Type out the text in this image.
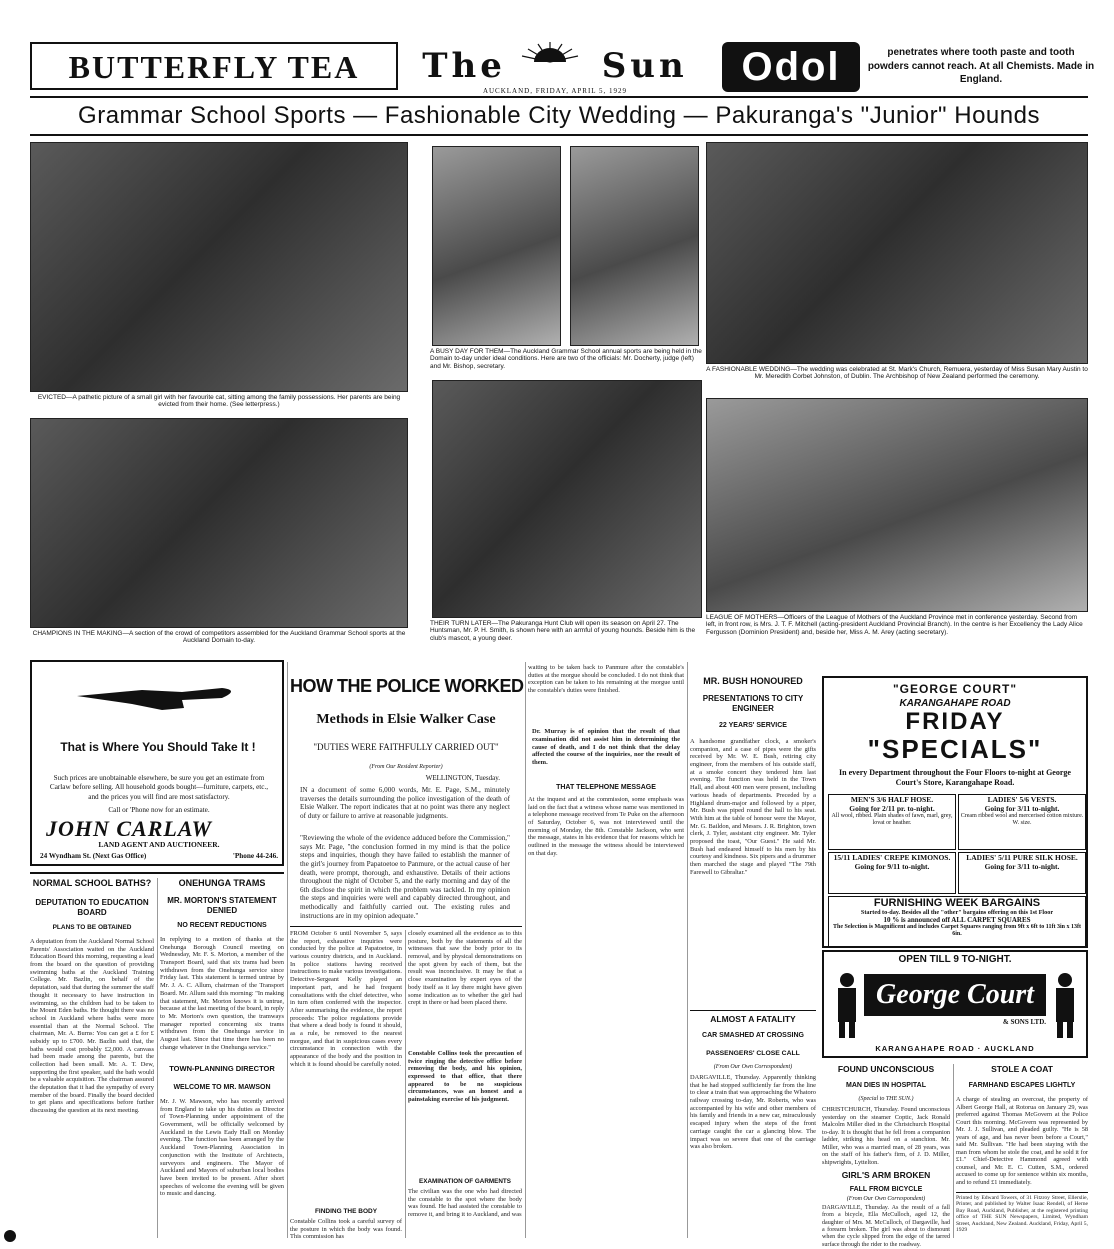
BUTTERFLY TEA	The Sun
AUCKLAND, FRIDAY, APRIL 5, 1929
Odol	penetrates where tooth paste and tooth powders cannot reach. At all Chemists. Made in England.
Grammar School Sports — Fashionable City Wedding — Pakuranga's "Junior" Hounds
EVICTED—A pathetic picture of a small girl with her favourite cat, sitting among the family possessions. Her parents are being evicted from their home. (See letterpress.)
A BUSY DAY FOR THEM—The Auckland Grammar School annual sports are being held in the Domain to-day under ideal conditions. Here are two of the officials: Mr. Docherty, judge (left) and Mr. Bishop, secretary.	A FASHIONABLE WEDDING—The wedding was celebrated at St. Mark's Church, Remuera, yesterday of Miss Susan Mary Austin to Mr. Meredith Corbet Johnston, of Dublin. The Archbishop of New Zealand performed the ceremony.
CHAMPIONS IN THE MAKING—A section of the crowd of competitors assembled for the Auckland Grammar School sports at the Auckland Domain to-day.
THEIR TURN LATER—The Pakuranga Hunt Club will open its season on April 27. The Huntsman, Mr. P. H. Smith, is shown here with an armful of young hounds. Beside him is the club's mascot, a young deer.
LEAGUE OF MOTHERS—Officers of the League of Mothers of the Auckland Province met in conference yesterday. Second from left, in front row, is Mrs. J. T. F. Mitchell (acting-president Auckland Provincial Branch). In the centre is her Excellency the Lady Alice Fergusson (Dominion President) and, beside her, Miss A. M. Arey (acting secretary).
That is Where You Should Take It !
Such prices are unobtainable elsewhere, be sure you get an estimate from Carlaw before selling. All household goods bought—furniture, carpets, etc., and the prices you will find are most satisfactory.
Call or 'Phone now for an estimate.
JOHN CARLAW
LAND AGENT AND AUCTIONEER.
24 Wyndham St. (Next Gas Office)	'Phone 44-246.
NORMAL SCHOOL BATHS?
DEPUTATION TO EDUCATION BOARD
PLANS TO BE OBTAINED
A deputation from the Auckland Normal School Parents' Association waited on the Auckland Education Board this morning, requesting a lead from the board on the question of providing swimming baths at the Auckland Training College. Mr. Bazlin, on behalf of the deputation, said that during the summer the staff thought it necessary to have instruction in swimming, so the children had to be taken to the Mount Eden baths. He thought there was no school in Auckland where baths were more essential than at the Normal School. The chairman, Mr. A. Burns: You can get a £ for £ subsidy up to £700. Mr. Bazlin said that, the baths would cost probably £2,000. A canvass had been made among the parents, but the collection had been small. Mr. A. T. Dew, supporting the first speaker, said the bath would be a valuable acquisition. The chairman assured the deputation that it had the sympathy of every member of the board. Finally the board decided to get plans and specifications before further discussing the question at its next meeting.
ONEHUNGA TRAMS
MR. MORTON'S STATEMENT DENIED
NO RECENT REDUCTIONS
In replying to a motion of thanks at the Onehunga Borough Council meeting on Wednesday, Mr. F. S. Morton, a member of the Transport Board, said that six trams had been withdrawn from the Onehunga service since Friday last. This statement is termed untrue by Mr. J. A. C. Allum, chairman of the Transport Board. Mr. Allum said this morning: "In making that statement, Mr. Morton knows it is untrue, because at the last meeting of the board, in reply to Mr. Morton's own question, the tramways manager reported concerning six trams withdrawn from the Onehunga service in August last. Since that time there has been no change whatever in the Onehunga service."
TOWN-PLANNING DIRECTOR
WELCOME TO MR. MAWSON
Mr. J. W. Mawson, who has recently arrived from England to take up his duties as Director of Town-Planning under appointment of the Government, will be officially welcomed by Auckland in the Lewis Eady Hall on Monday evening. The function has been arranged by the Auckland Town-Planning Association in conjunction with the Institute of Architects, surveyors and engineers. The Mayor of Auckland and Mayors of suburban local bodies have been invited to be present. After short speeches of welcome the evening will be given to music and dancing.
HOW THE POLICE WORKED
Methods in Elsie Walker Case
"DUTIES WERE FAITHFULLY CARRIED OUT"
(From Our Resident Reporter)
WELLINGTON, Tuesday.
IN a document of some 6,000 words, Mr. E. Page, S.M., minutely traverses the details surrounding the police investigation of the death of Elsie Walker. The report indicates that at no point was there any neglect of duty or failure to arrive at reasonable judgments.
"Reviewing the whole of the evidence adduced before the Commission," says Mr. Page, "the conclusion formed in my mind is that the police steps and inquiries, though they have failed to establish the manner of the girl's journey from Papatoetoe to Panmure, or the actual cause of her death, were prompt, thorough, and exhaustive. Details of their actions throughout the night of October 5, and the early morning and day of the 6th disclose the spirit in which the problem was tackled. In my opinion the steps and inquiries were well and capably directed throughout, and methodically and faithfully carried out. The existing rules and instructions are in my opinion adequate."
FROM October 6 until November 5, says the report, exhaustive inquiries were conducted by the police at Papatoetoe, in various country districts, and in Auckland. In police stations having received instructions to make various investigations. Detective-Sergeant Kelly played an important part, and he had frequent consultations with the chief detective, who in turn often conferred with the inspector. After summarising the evidence, the report proceeds: The police regulations provide that where a dead body is found it should, as a rule, be removed to the nearest morgue, and that in suspicious cases every circumstance in connection with the appearance of the body and the position in which it is found should be carefully noted.
FINDING THE BODY
Constable Collins took a careful survey of the posture in which the body was found. This commission has
closely examined all the evidence as to this posture, both by the statements of all the witnesses that saw the body prior to its removal, and by physical demonstrations on the spot given by each of them, but the result was inconclusive. It may be that a close examination by expert eyes of the body itself as it lay there might have given some indication as to whether the girl had crept in there or had been placed there.
Constable Collins took the precaution of twice ringing the detective office before removing the body, and his opinion, expressed to that office, that there appeared to be no suspicious circumstances, was an honest and a painstaking exercise of his judgment.
EXAMINATION OF GARMENTS
The civilian was the one who had directed the constable to the spot where the body was found. He had assisted the constable to remove it, and bring it to Auckland, and was
waiting to be taken back to Panmure after the constable's duties at the morgue should be concluded. I do not think that exception can be taken to his remaining at the morgue until the constable's duties were finished.
Dr. Murray is of opinion that the result of that examination did not assist him in determining the cause of death, and I do not think that the delay affected the course of the inquiries, nor the result of them.
THAT TELEPHONE MESSAGE
At the inquest and at the commission, some emphasis was laid on the fact that a witness whose name was mentioned in a telephone message received from Te Puke on the afternoon of Saturday, October 6, was not interviewed until the morning of Monday, the 8th. Constable Jackson, who sent the message, states in his evidence that for reasons which he outlined in the message the witness should be interviewed on that day.
MR. BUSH HONOURED
PRESENTATIONS TO CITY ENGINEER
22 YEARS' SERVICE
A handsome grandfather clock, a smoker's companion, and a case of pipes were the gifts received by Mr. W. E. Bush, retiring city engineer, from the members of his outside staff, at a smoke concert they tendered him last evening. The function was held in the Town Hall, and about 400 men were present, including various heads of departments. Preceded by a Highland drum-major and followed by a piper, Mr. Bush was piped round the hall to his seat. With him at the table of honour were the Mayor, Mr. G. Baildon, and Messrs. J. R. Brighton, town clerk, J. Tyler, assistant city engineer. Mr. Tyler proposed the toast, "Our Guest." He said Mr. Bush had endeared himself to his men by his courtesy and kindness. Six pipers and a drummer then marched the stage and played "The 79th Farewell to Gibraltar."
ALMOST A FATALITY
CAR SMASHED AT CROSSING
PASSENGERS' CLOSE CALL
(From Our Own Correspondent)
DARGAVILLE, Thursday. Apparently thinking that he had stopped sufficiently far from the line to clear a train that was approaching the Whatoro railway crossing to-day, Mr. Roberts, who was accompanied by his wife and other members of his family and friends in a new car, miraculously escaped injury when the steps of the front carriage caught the car a glancing blow. The impact was so severe that one of the carriage was also broken.
"GEORGE COURT"
KARANGAHAPE ROAD
FRIDAY
"SPECIALS"
In every Department throughout the Four Floors to-night at George Court's Store, Karangahape Road.
MEN'S 3/6 HALF HOSE.
Going for 2/11 pr. to-night.
All wool, ribbed. Plain shades of fawn, marl, grey, lovat or heather.
LADIES' 5/6 VESTS.
Going for 3/11 to-night.
Cream ribbed wool and mercerised cotton mixture. W. size.
15/11 LADIES' CREPE KIMONOS.
Going for 9/11 to-night.
LADIES' 5/11 PURE SILK HOSE.
Going for 3/11 to-night.
FURNISHING WEEK BARGAINS
Started to-day. Besides all the "other" bargains offering on this 1st Floor
10 % is announced off ALL CARPET SQUARES
The Selection is Magnificent and includes Carpet Squares ranging from 9ft x 6ft to 11ft 3in x 13ft 6in.
OPEN TILL 9 TO-NIGHT.
George Court
& SONS LTD.
KARANGAHAPE ROAD · AUCKLAND
FOUND UNCONSCIOUS
MAN DIES IN HOSPITAL
(Special to THE SUN.)
CHRISTCHURCH, Thursday. Found unconscious yesterday on the steamer Coptic, Jack Ronald Malcolm Miller died in the Christchurch Hospital to-day. It is thought that he fell from a companion ladder, striking his head on a stanchion. Mr. Miller, who was a married man, of 28 years, was on the staff of his father's firm, of J. D. Miller, shipwrights, Lyttelton.
GIRL'S ARM BROKEN
FALL FROM BICYCLE
(From Our Own Correspondent)
DARGAVILLE, Thursday. As the result of a fall from a bicycle, Ella McCulloch, aged 12, the daughter of Mrs. M. McCulloch, of Dargaville, had a forearm broken. The girl was about to dismount when the cycle slipped from the edge of the tarred surface through the rider to the roadway.
STOLE A COAT
FARMHAND ESCAPES LIGHTLY
A charge of stealing an overcoat, the property of Albert George Hall, at Rotorua on January 29, was preferred against Thomas McGovern at the Police Court this morning. McGovern was represented by Mr. J. J. Sullivan, and pleaded guilty. "He is 58 years of age, and has never been before a Court," said Mr. Sullivan. "He had been staying with the man from whom he stole the coat, and he sold it for £1." Chief-Detective Hammond agreed with counsel, and Mr. E. C. Cutten, S.M., ordered accused to come up for sentence within six months, and to refund £1 immediately.
Printed by Edward Towers, of 31 Fitzroy Street, Ellerslie, Printer, and published by Walter Isaac Rendell, of Herne Bay Road, Auckland, Publisher, at the registered printing office of THE SUN Newspapers, Limited, Wyndham Street, Auckland, New Zealand. Auckland, Friday, April 5, 1929
